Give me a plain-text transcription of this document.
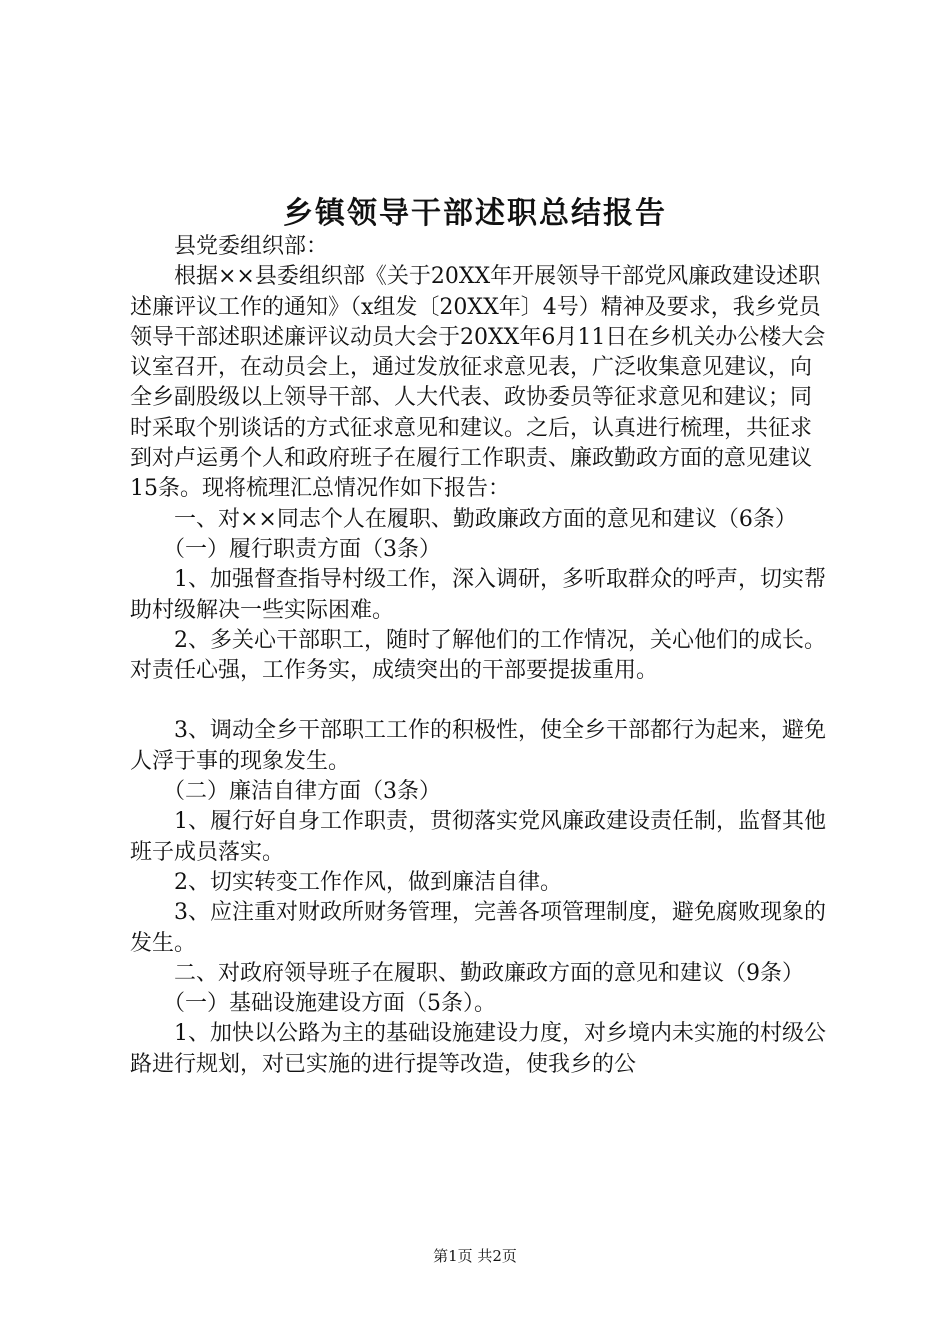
乡镇领导干部述职总结报告

　　县党委组织部：

　　根据××县委组织部《关于20XX年开展领导干部党风廉政建设述职述廉评议工作的通知》（x组发〔20XX年〕4号）精神及要求，我乡党员领导干部述职述廉评议动员大会于20XX年6月11日在乡机关办公楼大会议室召开，在动员会上，通过发放征求意见表，广泛收集意见建议，向全乡副股级以上领导干部、人大代表、政协委员等征求意见和建议；同时采取个别谈话的方式征求意见和建议。之后，认真进行梳理，共征求到对卢运勇个人和政府班子在履行工作职责、廉政勤政方面的意见建议15条。现将梳理汇总情况作如下报告：

　　一、对××同志个人在履职、勤政廉政方面的意见和建议（6条）

　　（一）履行职责方面（3条）

　　1、加强督查指导村级工作，深入调研，多听取群众的呼声，切实帮助村级解决一些实际困难。

　　2、多关心干部职工，随时了解他们的工作情况，关心他们的成长。对责任心强，工作务实，成绩突出的干部要提拔重用。

　　3、调动全乡干部职工工作的积极性，使全乡干部都行为起来，避免人浮于事的现象发生。

　　（二）廉洁自律方面（3条）

　　1、履行好自身工作职责，贯彻落实党风廉政建设责任制，监督其他班子成员落实。

　　2、切实转变工作作风，做到廉洁自律。

　　3、应注重对财政所财务管理，完善各项管理制度，避免腐败现象的发生。

　　二、对政府领导班子在履职、勤政廉政方面的意见和建议（9条）

　　（一）基础设施建设方面（5条）。

　　1、加快以公路为主的基础设施建设力度，对乡境内未实施的村级公路进行规划，对已实施的进行提等改造，使我乡的公

第1页 共2页
